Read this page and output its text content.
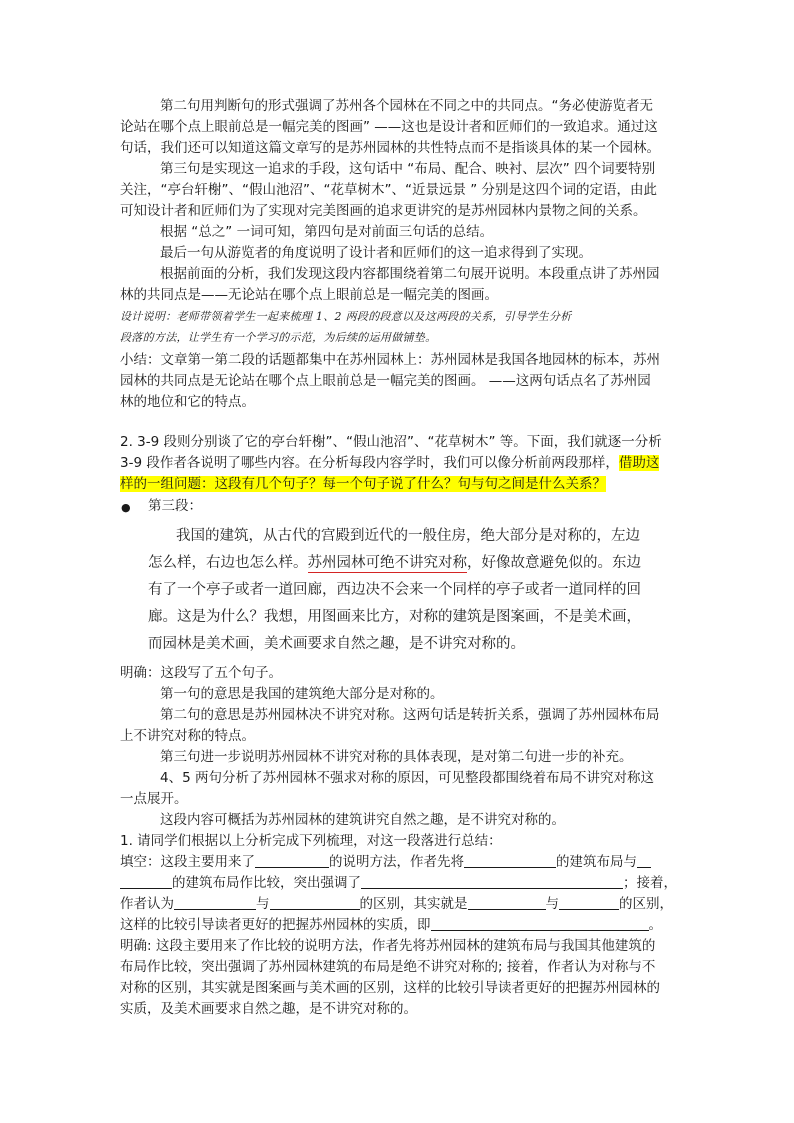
第二句用判断句的形式强调了苏州各个园林在不同之中的共同点。“务必使游览者无
论站在哪个点上眼前总是一幅完美的图画” ——这也是设计者和匠师们的一致追求。通过这
句话，我们还可以知道这篇文章写的是苏州园林的共性特点而不是指谈具体的某一个园林。
第三句是实现这一追求的手段，这句话中 “布局、配合、映衬、层次” 四个词要特别
关注，“亭台轩榭”、“假山池沼”、“花草树木”、“近景远景 ” 分别是这四个词的定语，由此
可知设计者和匠师们为了实现对完美图画的追求更讲究的是苏州园林内景物之间的关系。
根据 “总之” 一词可知，第四句是对前面三句话的总结。
最后一句从游览者的角度说明了设计者和匠师们的这一追求得到了实现。
根据前面的分析，我们发现这段内容都围绕着第二句展开说明。本段重点讲了苏州园
林的共同点是——无论站在哪个点上眼前总是一幅完美的图画。
设计说明：老师带领着学生一起来梳理 1、2 两段的段意以及这两段的关系，引导学生分析
段落的方法，让学生有一个学习的示范，为后续的运用做铺垫。
小结：文章第一第二段的话题都集中在苏州园林上：苏州园林是我国各地园林的标本，苏州
园林的共同点是无论站在哪个点上眼前总是一幅完美的图画。 ——这两句话点名了苏州园
林的地位和它的特点。
2. 3-9 段则分别谈了它的亭台轩榭”、“假山池沼”、“花草树木” 等。下面，我们就逐一分析
3-9 段作者各说明了哪些内容。在分析每段内容学时，我们可以像分析前两段那样，借助这
样的一组问题：这段有几个句子？每一个句子说了什么？句与句之间是什么关系？
● 第三段：
我国的建筑，从古代的宫殿到近代的一般住房，绝大部分是对称的，左边
怎么样，右边也怎么样。苏州园林可绝不讲究对称，好像故意避免似的。东边
有了一个亭子或者一道回廊，西边决不会来一个同样的亭子或者一道同样的回
廊。这是为什么？我想，用图画来比方，对称的建筑是图案画，不是美术画，
而园林是美术画，美术画要求自然之趣，是不讲究对称的。
明确：这段写了五个句子。
第一句的意思是我国的建筑绝大部分是对称的。
第二句的意思是苏州园林决不讲究对称。这两句话是转折关系，强调了苏州园林布局
上不讲究对称的特点。
第三句进一步说明苏州园林不讲究对称的具体表现，是对第二句进一步的补充。
4、5 两句分析了苏州园林不强求对称的原因，可见整段都围绕着布局不讲究对称这
一点展开。
这段内容可概括为苏州园林的建筑讲究自然之趣，是不讲究对称的。
1. 请同学们根据以上分析完成下列梳理，对这一段落进行总结：
填空：这段主要用来了	的说明方法，作者先将	的建筑布局与
的建筑布局作比较，突出强调了	；接着，
作者认为	与	的区别，其实就是	与	的区别，
这样的比较引导读者更好的把握苏州园林的实质，即	。
明确: 这段主要用来了作比较的说明方法，作者先将苏州园林的建筑布局与我国其他建筑的
布局作比较，突出强调了苏州园林建筑的布局是绝不讲究对称的; 接着，作者认为对称与不
对称的区别，其实就是图案画与美术画的区别，这样的比较引导读者更好的把握苏州园林的
实质，及美术画要求自然之趣，是不讲究对称的。
